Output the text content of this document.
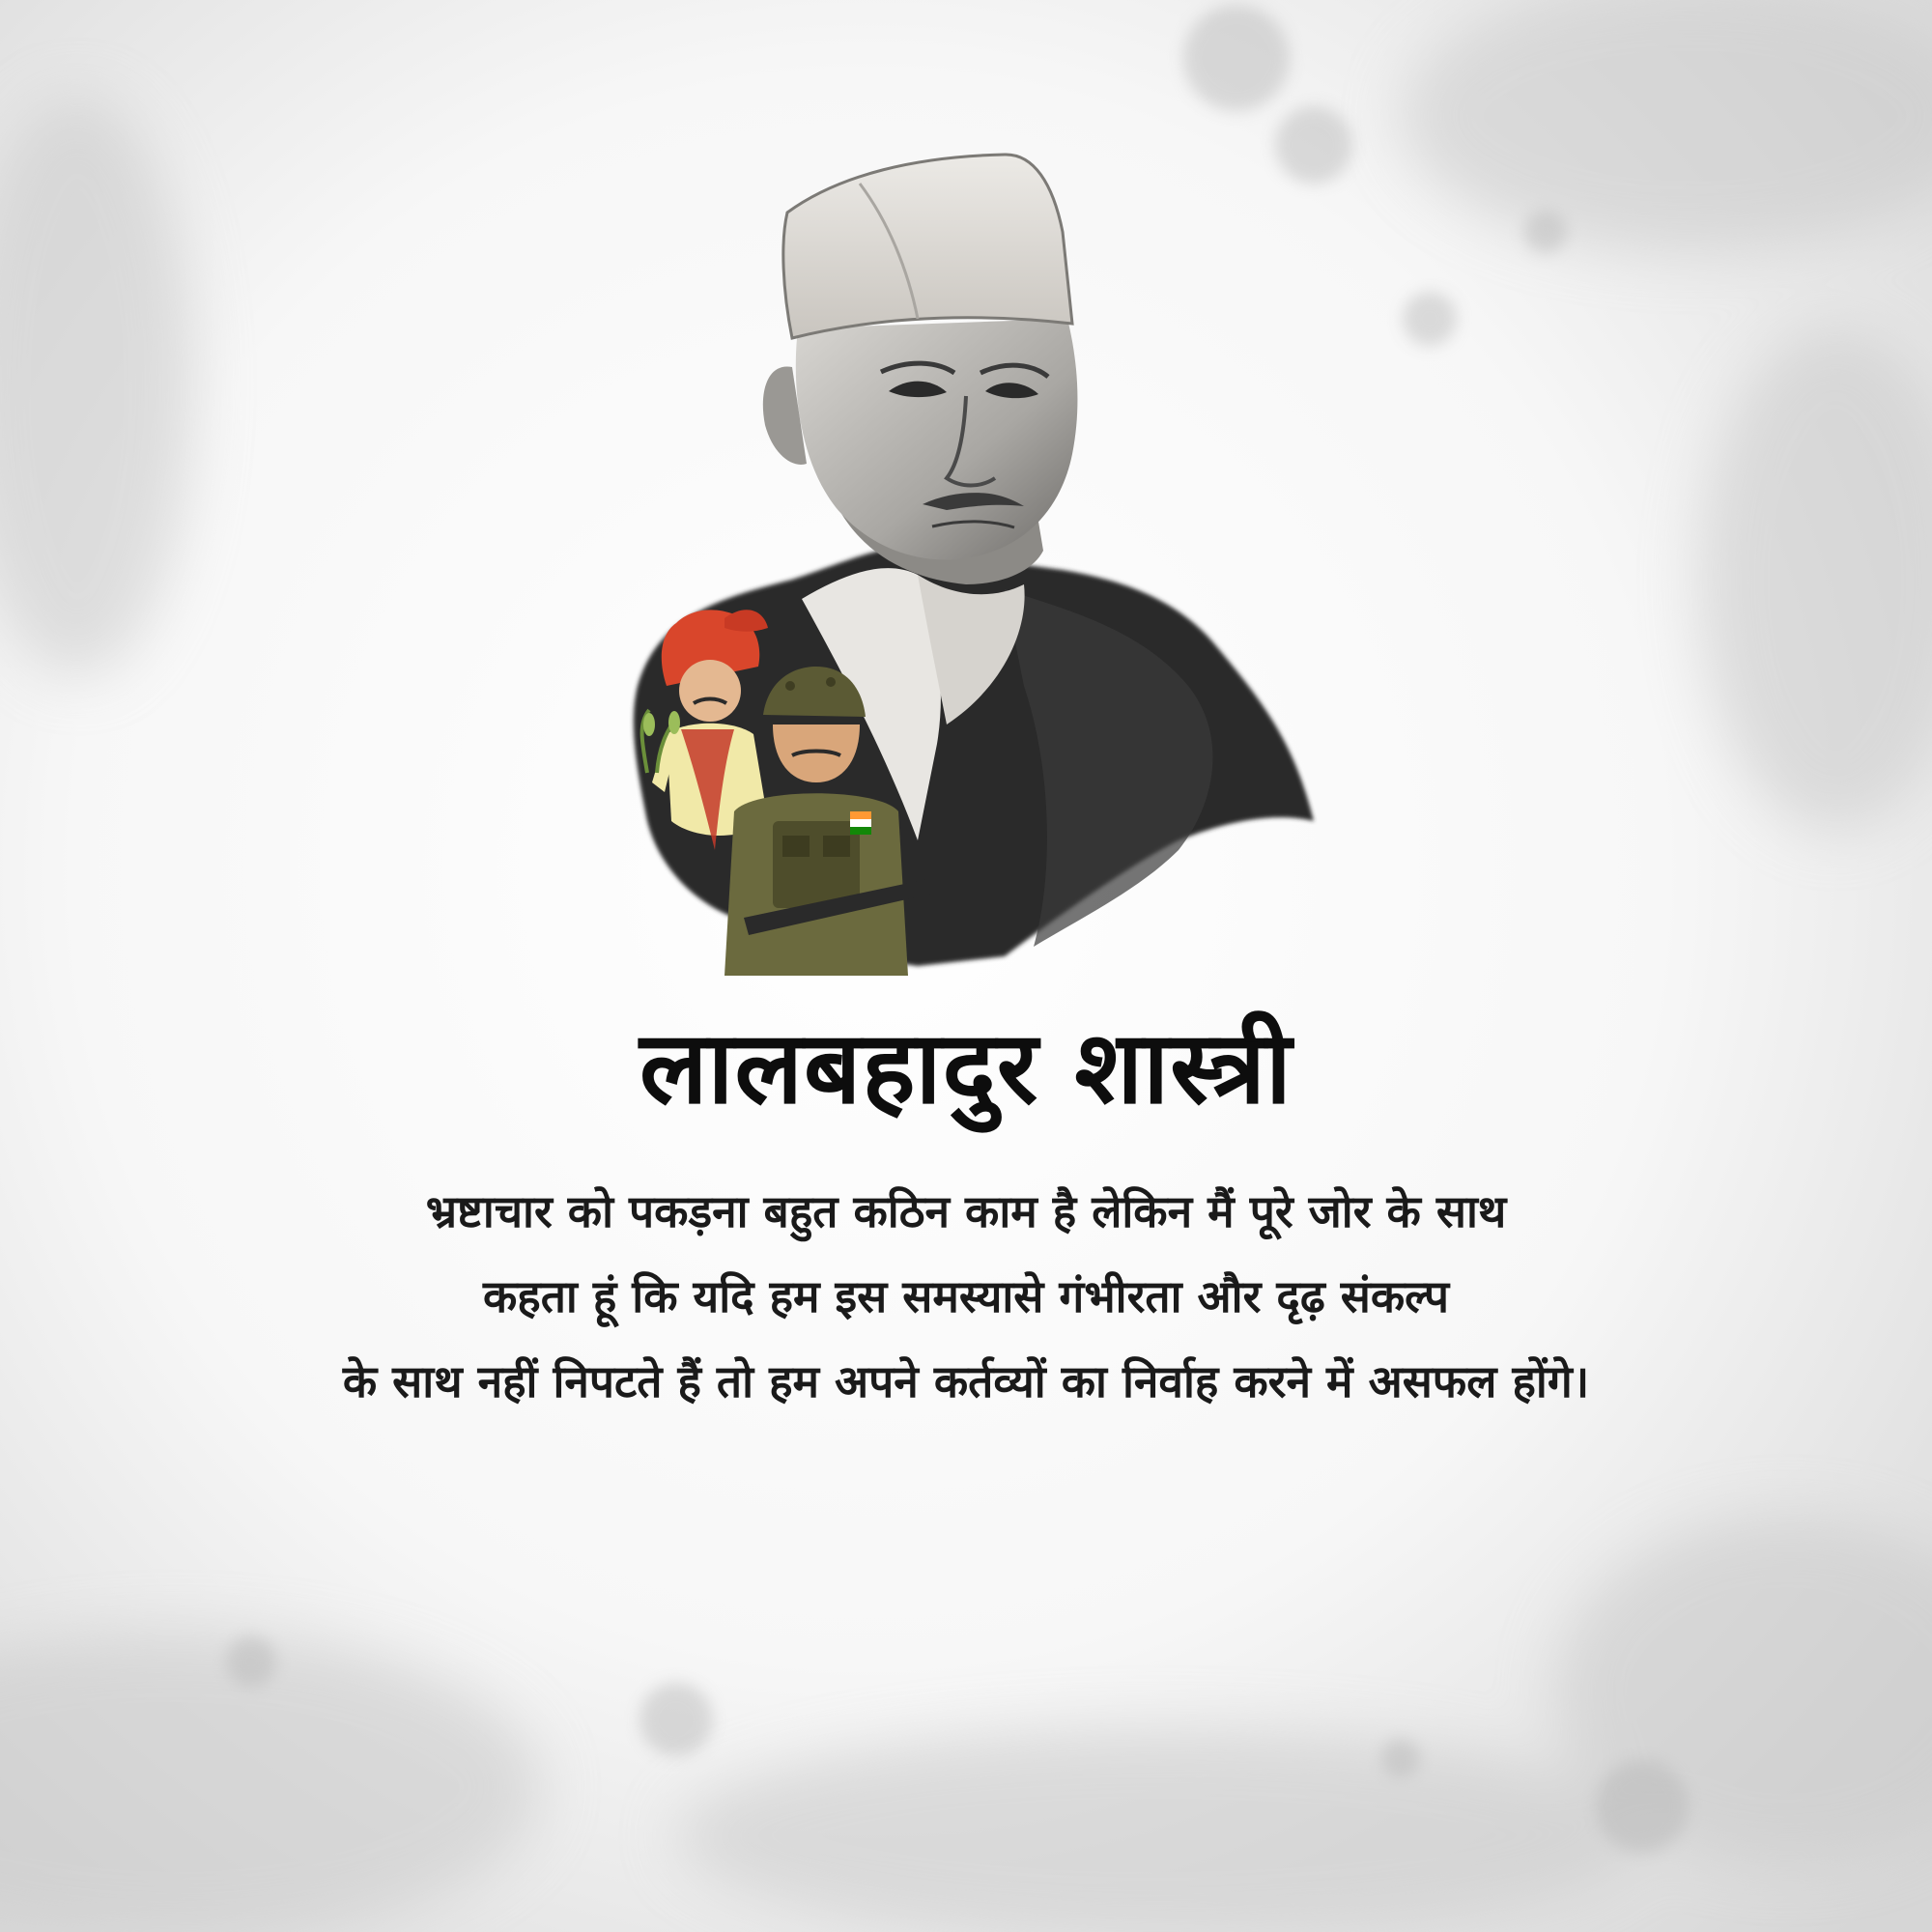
लालबहादुर शास्त्री
भ्रष्टाचार को पकड़ना बहुत कठिन काम है लेकिन मैं पूरे जोर के साथ
कहता हूं कि यदि हम इस समस्यासे गंभीरता और दृढ़ संकल्प
के साथ नहीं निपटते हैं तो हम अपने कर्तव्यों का निर्वाह करने में असफल होंगे।
